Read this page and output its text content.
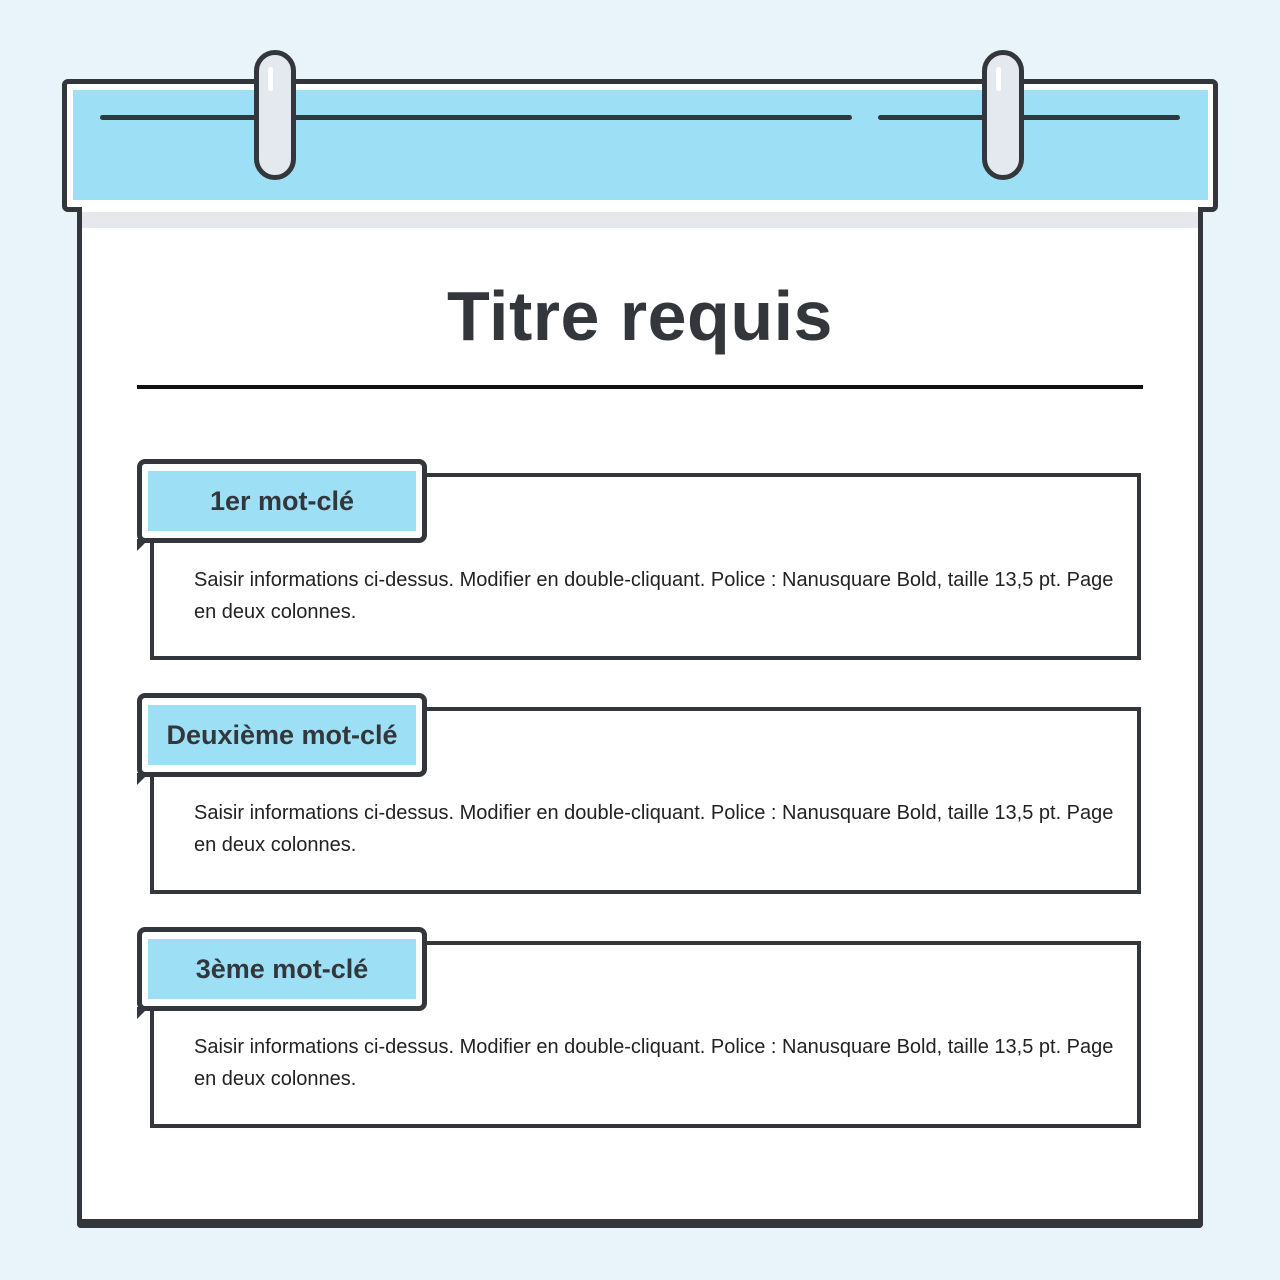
Titre requis
1er mot-clé
Saisir informations ci-dessus. Modifier en double-cliquant. Police : Nanusquare Bold, taille 13,5 pt. Page en deux colonnes.
Deuxième mot-clé
Saisir informations ci-dessus. Modifier en double-cliquant. Police : Nanusquare Bold, taille 13,5 pt. Page en deux colonnes.
3ème mot-clé
Saisir informations ci-dessus. Modifier en double-cliquant. Police : Nanusquare Bold, taille 13,5 pt. Page en deux colonnes.
